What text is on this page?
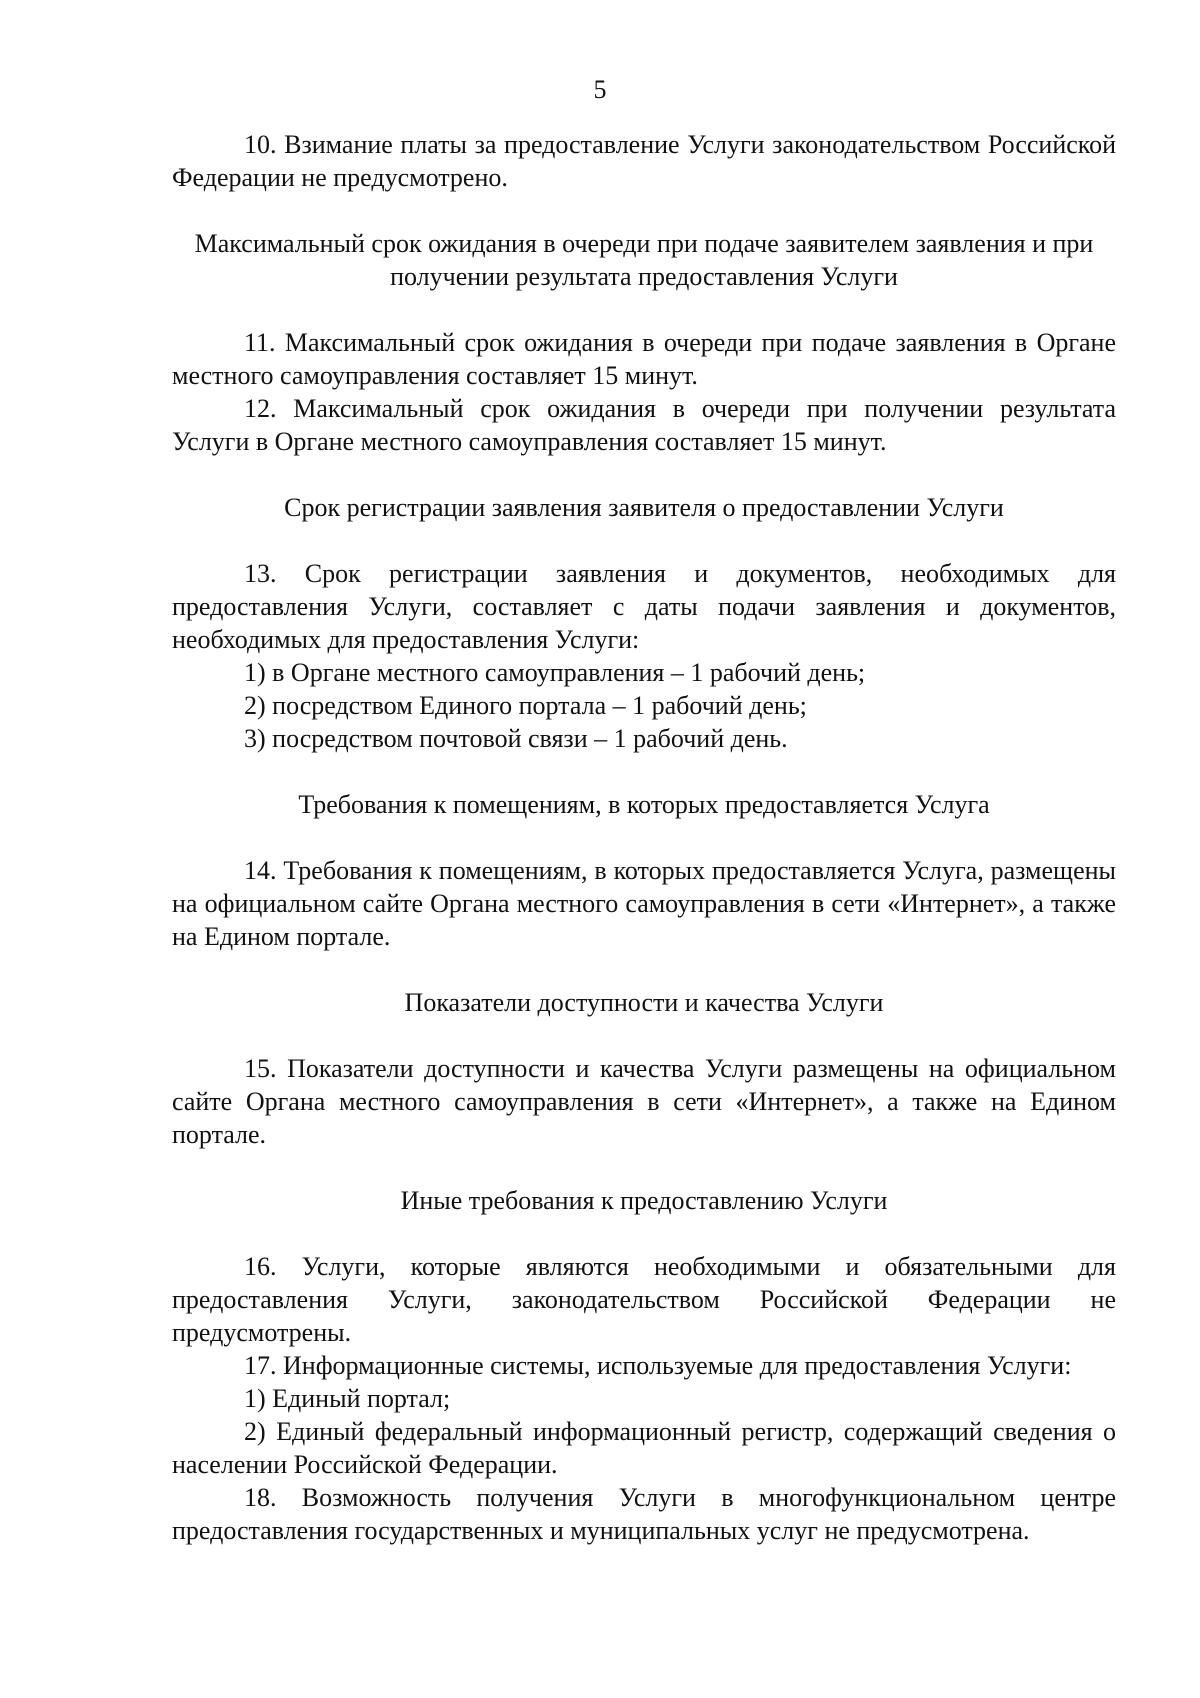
5

10. Взимание платы за предоставление Услуги законодательством Российской Федерации не предусмотрено.

Максимальный срок ожидания в очереди при подаче заявителем заявления и при получении результата предоставления Услуги

11. Максимальный срок ожидания в очереди при подаче заявления в Органе местного самоуправления составляет 15 минут.

12. Максимальный срок ожидания в очереди при получении результата Услуги в Органе местного самоуправления составляет 15 минут.

Срок регистрации заявления заявителя о предоставлении Услуги

13. Срок регистрации заявления и документов, необходимых для предоставления Услуги, составляет с даты подачи заявления и документов, необходимых для предоставления Услуги:

1) в Органе местного самоуправления – 1 рабочий день;

2) посредством Единого портала – 1 рабочий день;

3) посредством почтовой связи – 1 рабочий день.

Требования к помещениям, в которых предоставляется Услуга

14. Требования к помещениям, в которых предоставляется Услуга, размещены на официальном сайте Органа местного самоуправления в сети «Интернет», а также на Едином портале.

Показатели доступности и качества Услуги

15. Показатели доступности и качества Услуги размещены на официальном сайте Органа местного самоуправления в сети «Интернет», а также на Едином портале.

Иные требования к предоставлению Услуги

16. Услуги, которые являются необходимыми и обязательными для предоставления Услуги, законодательством Российской Федерации не предусмотрены.

17. Информационные системы, используемые для предоставления Услуги:

1) Единый портал;

2) Единый федеральный информационный регистр, содержащий сведения о населении Российской Федерации.

18. Возможность получения Услуги в многофункциональном центре предоставления государственных и муниципальных услуг не предусмотрена.
